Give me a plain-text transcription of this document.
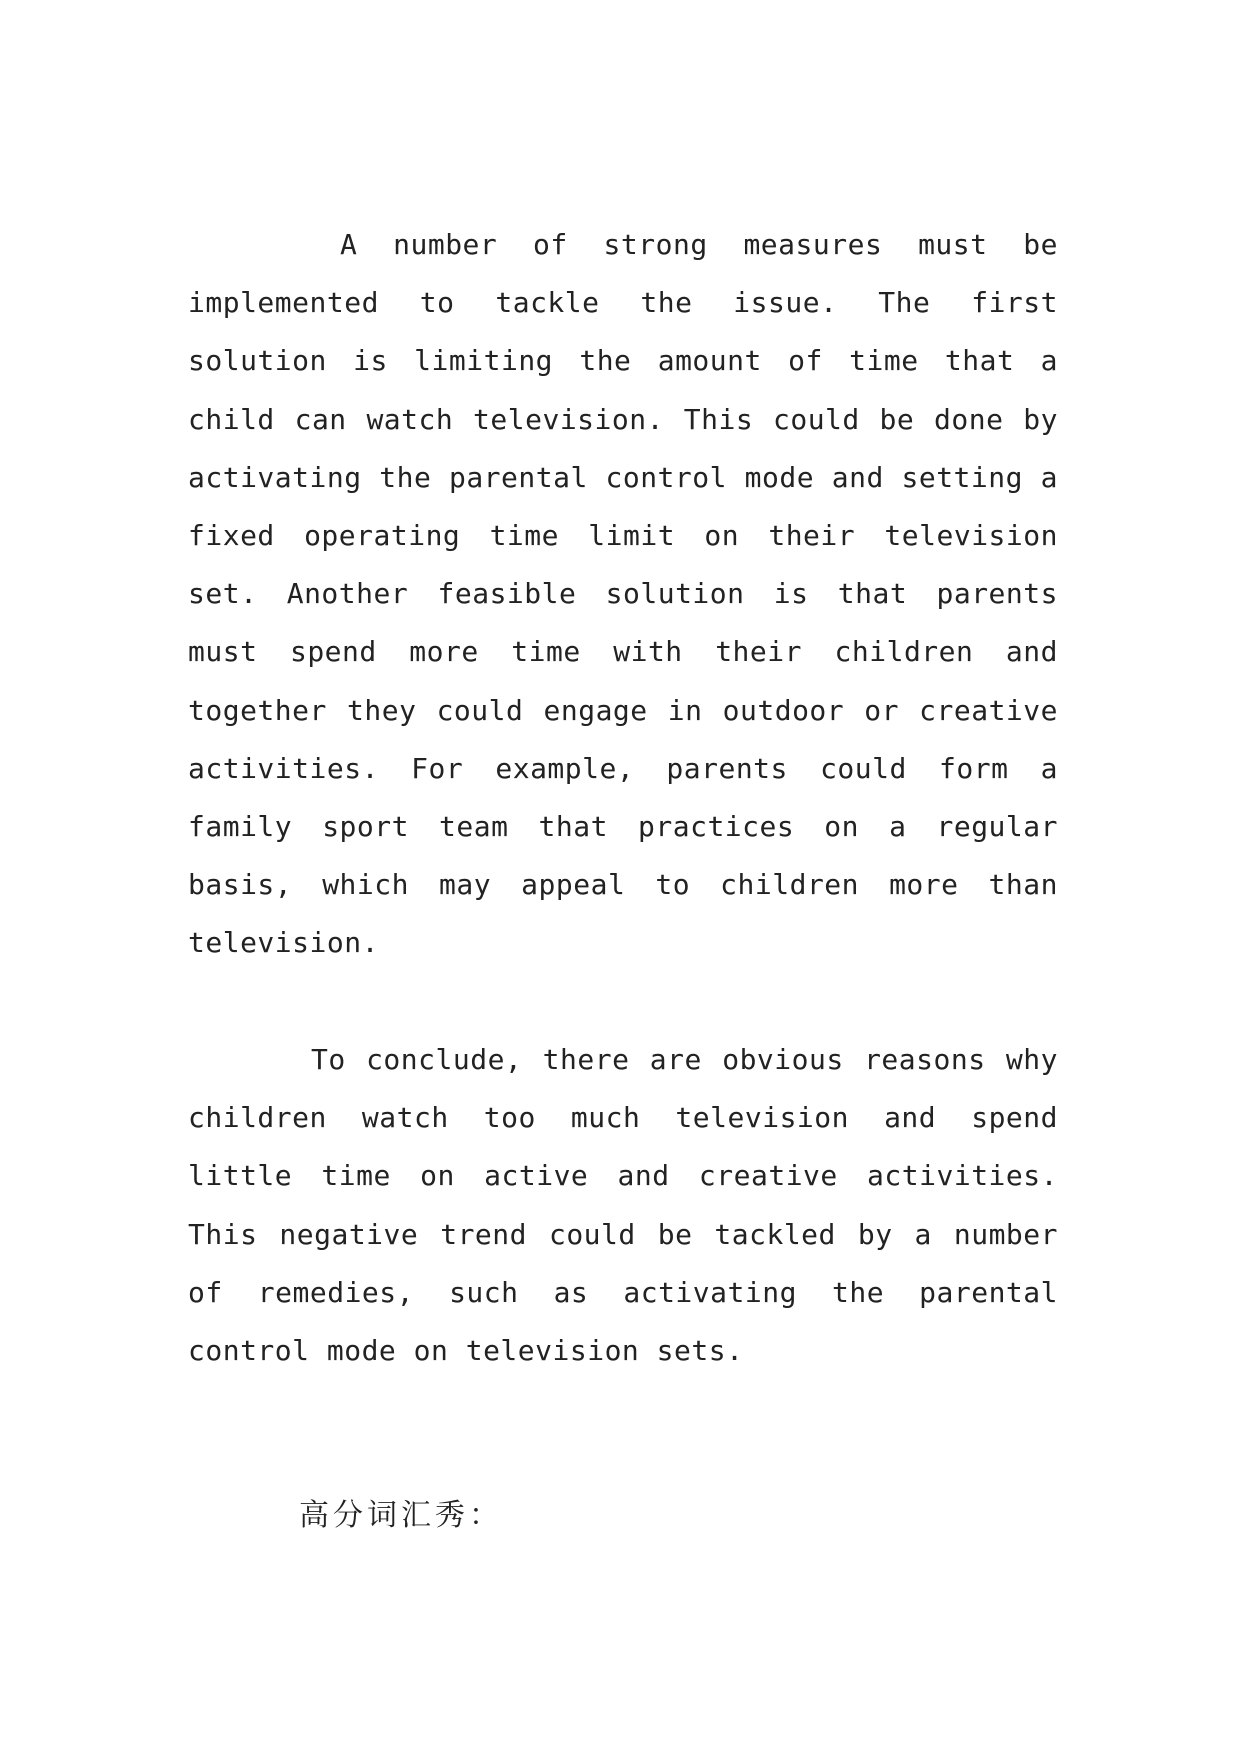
A number of strong measures must be implemented to tackle the issue. The first solution is limiting the amount of time that a child can watch television. This could be done by activating the parental control mode and setting a fixed operating time limit on their television set. Another feasible solution is that parents must spend more time with their children and together they could engage in outdoor or creative activities. For example, parents could form a family sport team that practices on a regular basis, which may appeal to children more than television.

To conclude, there are obvious reasons why children watch too much television and spend little time on active and creative activities. This negative trend could be tackled by a number of remedies, such as activating the parental control mode on television sets.

高分词汇秀：
